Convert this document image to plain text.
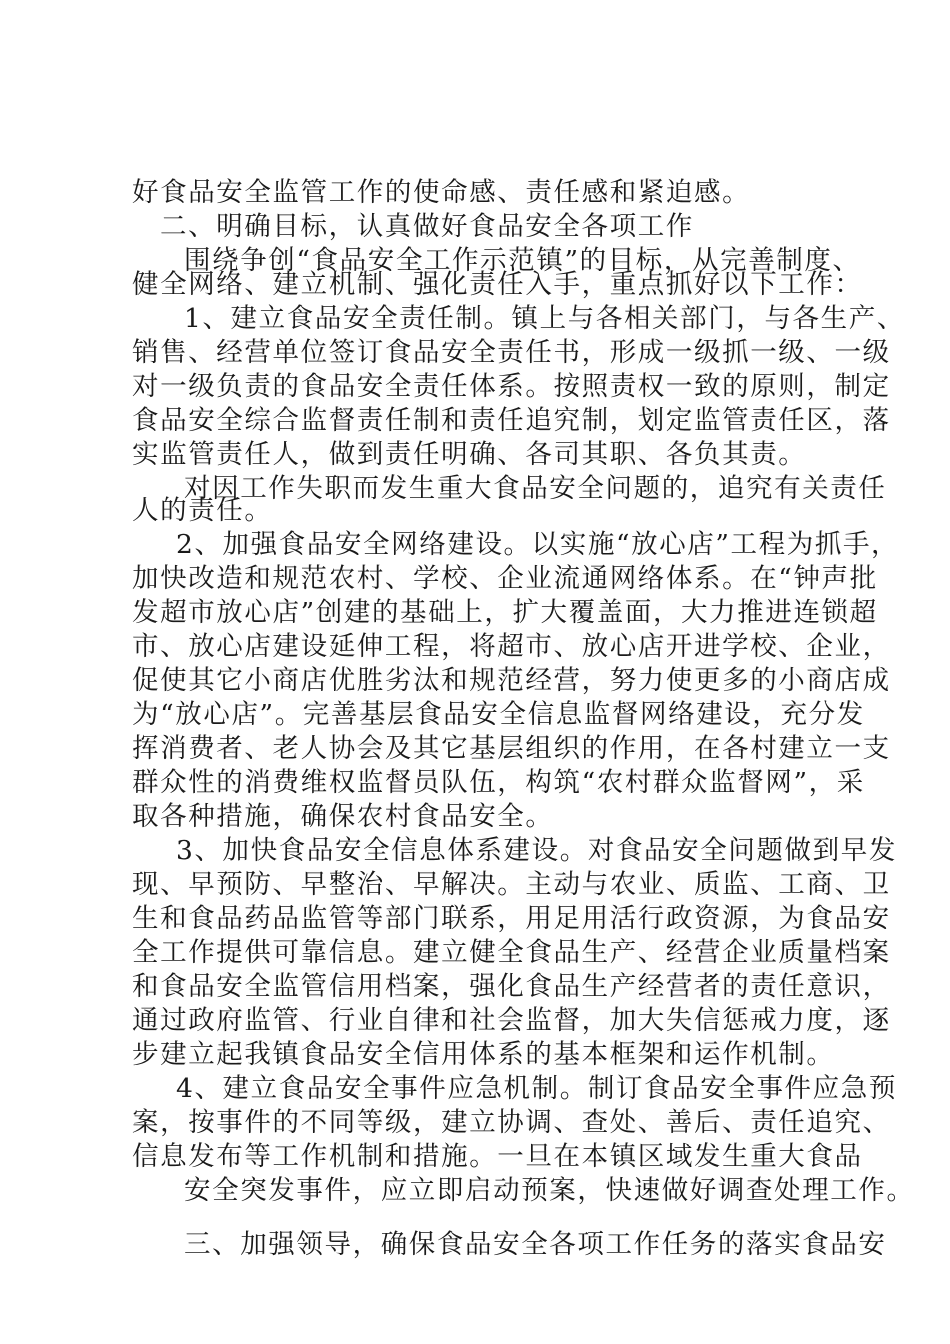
好食品安全监管工作的使命感、责任感和紧迫感。
二、明确目标，认真做好食品安全各项工作
围绕争创“食品安全工作示范镇”的目标，从完善制度、
健全网络、建立机制、强化责任入手，重点抓好以下工作：
1、建立食品安全责任制。镇上与各相关部门，与各生产、
销售、经营单位签订食品安全责任书，形成一级抓一级、一级
对一级负责的食品安全责任体系。按照责权一致的原则，制定
食品安全综合监督责任制和责任追究制，划定监管责任区，落
实监管责任人，做到责任明确、各司其职、各负其责。
对因工作失职而发生重大食品安全问题的，追究有关责任
人的责任。
2、加强食品安全网络建设。以实施“放心店”工程为抓手，
加快改造和规范农村、学校、企业流通网络体系。在“钟声批
发超市放心店”创建的基础上，扩大覆盖面，大力推进连锁超
市、放心店建设延伸工程，将超市、放心店开进学校、企业，
促使其它小商店优胜劣汰和规范经营，努力使更多的小商店成
为“放心店”。完善基层食品安全信息监督网络建设，充分发
挥消费者、老人协会及其它基层组织的作用，在各村建立一支
群众性的消费维权监督员队伍，构筑“农村群众监督网”，采
取各种措施，确保农村食品安全。
3、加快食品安全信息体系建设。对食品安全问题做到早发
现、早预防、早整治、早解决。主动与农业、质监、工商、卫
生和食品药品监管等部门联系，用足用活行政资源，为食品安
全工作提供可靠信息。建立健全食品生产、经营企业质量档案
和食品安全监管信用档案，强化食品生产经营者的责任意识，
通过政府监管、行业自律和社会监督，加大失信惩戒力度，逐
步建立起我镇食品安全信用体系的基本框架和运作机制。
4、建立食品安全事件应急机制。制订食品安全事件应急预
案，按事件的不同等级，建立协调、查处、善后、责任追究、
信息发布等工作机制和措施。一旦在本镇区域发生重大食品
安全突发事件，应立即启动预案，快速做好调查处理工作。
三、加强领导，确保食品安全各项工作任务的落实食品安
